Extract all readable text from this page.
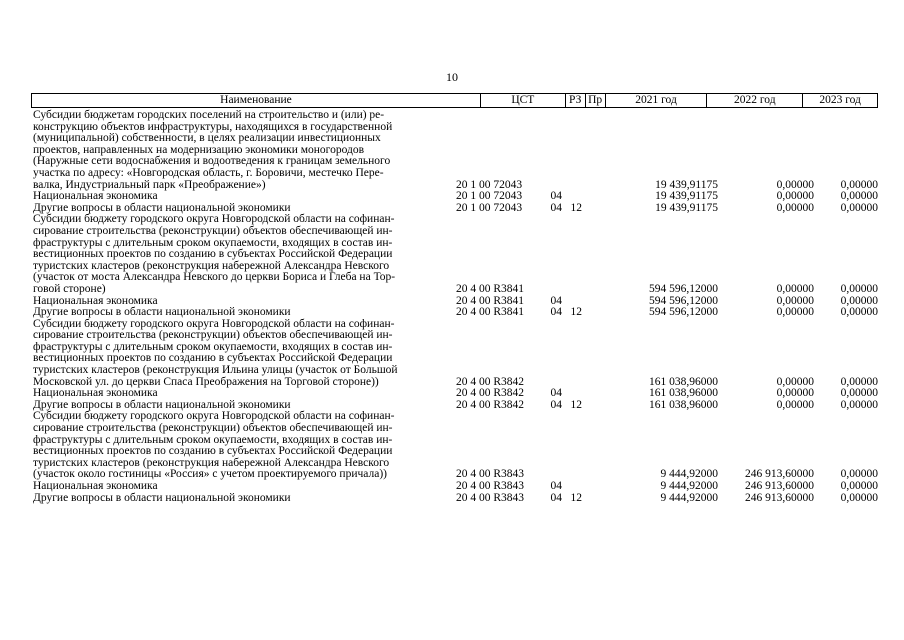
10
Наименование	ЦСТ	РЗ Пр	2021 год	2022 год	2023 год
Субсидии бюджетам городских поселений на строительство и (или) ре-
конструкцию объектов инфраструктуры, находящихся в государственной
(муниципальной) собственности, в целях реализации инвестиционных
проектов, направленных на модернизацию экономики моногородов
(Наружные сети водоснабжения и водоотведения к границам земельного
участка по адресу: «Новгородская область, г. Боровичи, местечко Пере-
валка, Индустриальный парк «Преображение»)	20 1 00 72043	19 439,91175	0,00000	0,00000
Национальная экономика	20 1 00 72043	04	19 439,91175	0,00000	0,00000
Другие вопросы в области национальной экономики	20 1 00 72043	04 12	19 439,91175	0,00000	0,00000
Субсидии бюджету городского округа Новгородской области на софинан-
сирование строительства (реконструкции) объектов обеспечивающей ин-
фраструктуры с длительным сроком окупаемости, входящих в состав ин-
вестиционных проектов по созданию в субъектах Российской Федерации
туристских кластеров (реконструкция набережной Александра Невского
(участок от моста Александра Невского до церкви Бориса и Глеба на Тор-
говой стороне)	20 4 00 R3841	594 596,12000	0,00000	0,00000
Национальная экономика	20 4 00 R3841	04	594 596,12000	0,00000	0,00000
Другие вопросы в области национальной экономики	20 4 00 R3841	04 12	594 596,12000	0,00000	0,00000
Субсидии бюджету городского округа Новгородской области на софинан-
сирование строительства (реконструкции) объектов обеспечивающей ин-
фраструктуры с длительным сроком окупаемости, входящих в состав ин-
вестиционных проектов по созданию в субъектах Российской Федерации
туристских кластеров (реконструкция Ильина улицы (участок от Большой
Московской ул. до церкви Спаса Преображения на Торговой стороне))	20 4 00 R3842	161 038,96000	0,00000	0,00000
Национальная экономика	20 4 00 R3842	04	161 038,96000	0,00000	0,00000
Другие вопросы в области национальной экономики	20 4 00 R3842	04 12	161 038,96000	0,00000	0,00000
Субсидии бюджету городского округа Новгородской области на софинан-
сирование строительства (реконструкции) объектов обеспечивающей ин-
фраструктуры с длительным сроком окупаемости, входящих в состав ин-
вестиционных проектов по созданию в субъектах Российской Федерации
туристских кластеров (реконструкция набережной Александра Невского
(участок около гостиницы «Россия» с учетом проектируемого причала))	20 4 00 R3843	9 444,92000	246 913,60000	0,00000
Национальная экономика	20 4 00 R3843	04	9 444,92000	246 913,60000	0,00000
Другие вопросы в области национальной экономики	20 4 00 R3843	04 12	9 444,92000	246 913,60000	0,00000
